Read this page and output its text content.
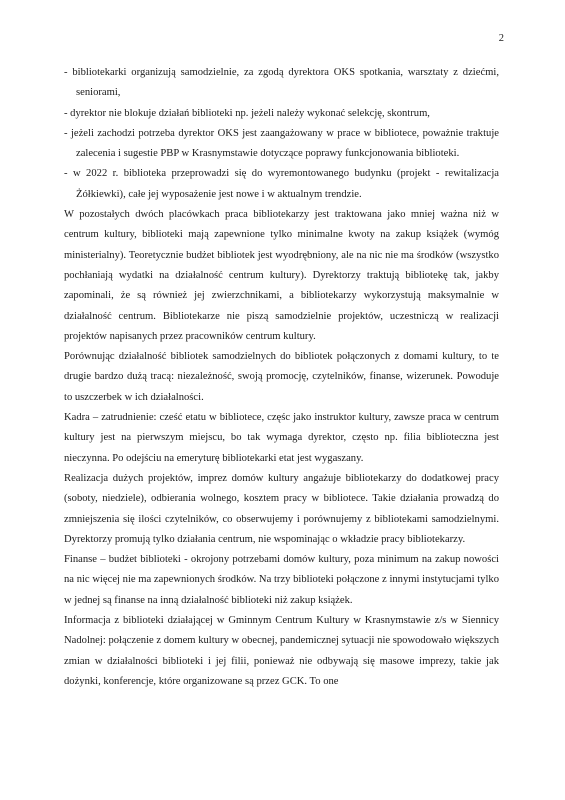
2

- bibliotekarki organizują samodzielnie, za zgodą dyrektora OKS spotkania, warsztaty z dziećmi, seniorami,

- dyrektor nie blokuje działań biblioteki np. jeżeli należy wykonać selekcję, skontrum,

- jeżeli zachodzi potrzeba dyrektor OKS jest zaangażowany w prace w bibliotece, poważnie traktuje zalecenia i sugestie PBP w Krasnymstawie dotyczące poprawy funkcjonowania biblioteki.

- w 2022 r. biblioteka przeprowadzi się do wyremontowanego budynku (projekt - rewitalizacja Żółkiewki), całe jej wyposażenie jest nowe i w aktualnym trendzie.

W pozostałych dwóch placówkach praca bibliotekarzy jest traktowana jako mniej ważna niż w centrum kultury, biblioteki mają zapewnione tylko minimalne kwoty na zakup książek (wymóg ministerialny). Teoretycznie budżet bibliotek jest wyodrębniony, ale na nic nie ma środków (wszystko pochłaniają wydatki na działalność centrum kultury). Dyrektorzy traktują bibliotekę tak, jakby zapominali, że są również jej zwierzchnikami, a bibliotekarzy wykorzystują maksymalnie w działalność centrum. Bibliotekarze nie piszą samodzielnie projektów, uczestniczą w realizacji projektów napisanych przez pracowników centrum kultury.

Porównując działalność bibliotek samodzielnych do bibliotek połączonych z domami kultury, to te drugie bardzo dużą tracą: niezależność, swoją promocję, czytelników, finanse, wizerunek. Powoduje to uszczerbek w ich działalności.

Kadra – zatrudnienie: cześć etatu w bibliotece, częśc jako instruktor kultury, zawsze praca w centrum kultury jest na pierwszym miejscu, bo tak wymaga dyrektor, często np. filia biblioteczna jest nieczynna. Po odejściu na emeryturę bibliotekarki etat jest wygaszany.

Realizacja dużych projektów, imprez domów kultury angażuje bibliotekarzy do dodatkowej pracy (soboty, niedziele), odbierania wolnego, kosztem pracy w bibliotece. Takie działania prowadzą do zmniejszenia się ilości czytelników, co obserwujemy i porównujemy z bibliotekami samodzielnymi. Dyrektorzy promują tylko działania centrum, nie wspominając o wkładzie pracy bibliotekarzy.

Finanse – budżet biblioteki - okrojony potrzebami domów kultury, poza minimum na zakup nowości na nic więcej nie ma zapewnionych środków. Na trzy biblioteki połączone z innymi instytucjami tylko w jednej są finanse na inną działalność biblioteki niż zakup książek.

Informacja z biblioteki działającej w Gminnym Centrum Kultury w Krasnymstawie z/s w Siennicy Nadolnej: połączenie z domem kultury w obecnej, pandemicznej sytuacji nie spowodowało większych zmian w działalności biblioteki i jej filii, ponieważ nie odbywają się masowe imprezy, takie jak dożynki, konferencje, które organizowane są przez GCK. To one
